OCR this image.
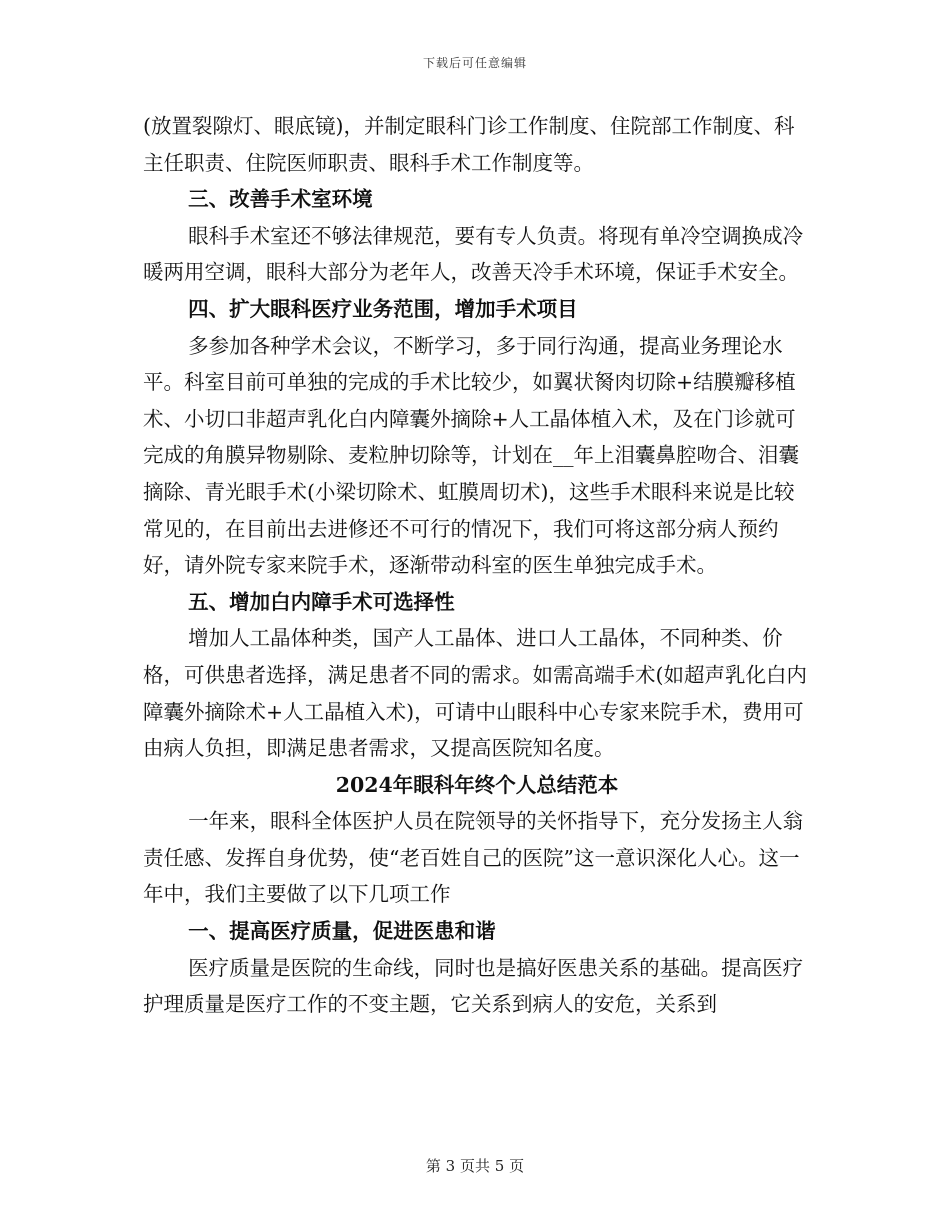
下载后可任意编辑

(放置裂隙灯、眼底镜)，并制定眼科门诊工作制度、住院部工作制度、科主任职责、住院医师职责、眼科手术工作制度等。

三、改善手术室环境

眼科手术室还不够法律规范，要有专人负责。将现有单冷空调换成冷暖两用空调，眼科大部分为老年人，改善天冷手术环境，保证手术安全。

四、扩大眼科医疗业务范围，增加手术项目

多参加各种学术会议，不断学习，多于同行沟通，提高业务理论水平。科室目前可单独的完成的手术比较少，如翼状胬肉切除+结膜瓣移植术、小切口非超声乳化白内障囊外摘除+人工晶体植入术，及在门诊就可完成的角膜异物剔除、麦粒肿切除等，计划在__年上泪囊鼻腔吻合、泪囊摘除、青光眼手术(小梁切除术、虹膜周切术)，这些手术眼科来说是比较常见的，在目前出去进修还不可行的情况下，我们可将这部分病人预约好，请外院专家来院手术，逐渐带动科室的医生单独完成手术。

五、增加白内障手术可选择性

增加人工晶体种类，国产人工晶体、进口人工晶体，不同种类、价格，可供患者选择，满足患者不同的需求。如需高端手术(如超声乳化白内障囊外摘除术+人工晶植入术)，可请中山眼科中心专家来院手术，费用可由病人负担，即满足患者需求，又提高医院知名度。

2024年眼科年终个人总结范本

一年来，眼科全体医护人员在院领导的关怀指导下，充分发扬主人翁责任感、发挥自身优势，使“老百姓自己的医院”这一意识深化人心。这一年中，我们主要做了以下几项工作

一、提高医疗质量，促进医患和谐

医疗质量是医院的生命线，同时也是搞好医患关系的基础。提高医疗护理质量是医疗工作的不变主题，它关系到病人的安危，关系到

第 3 页共 5 页
